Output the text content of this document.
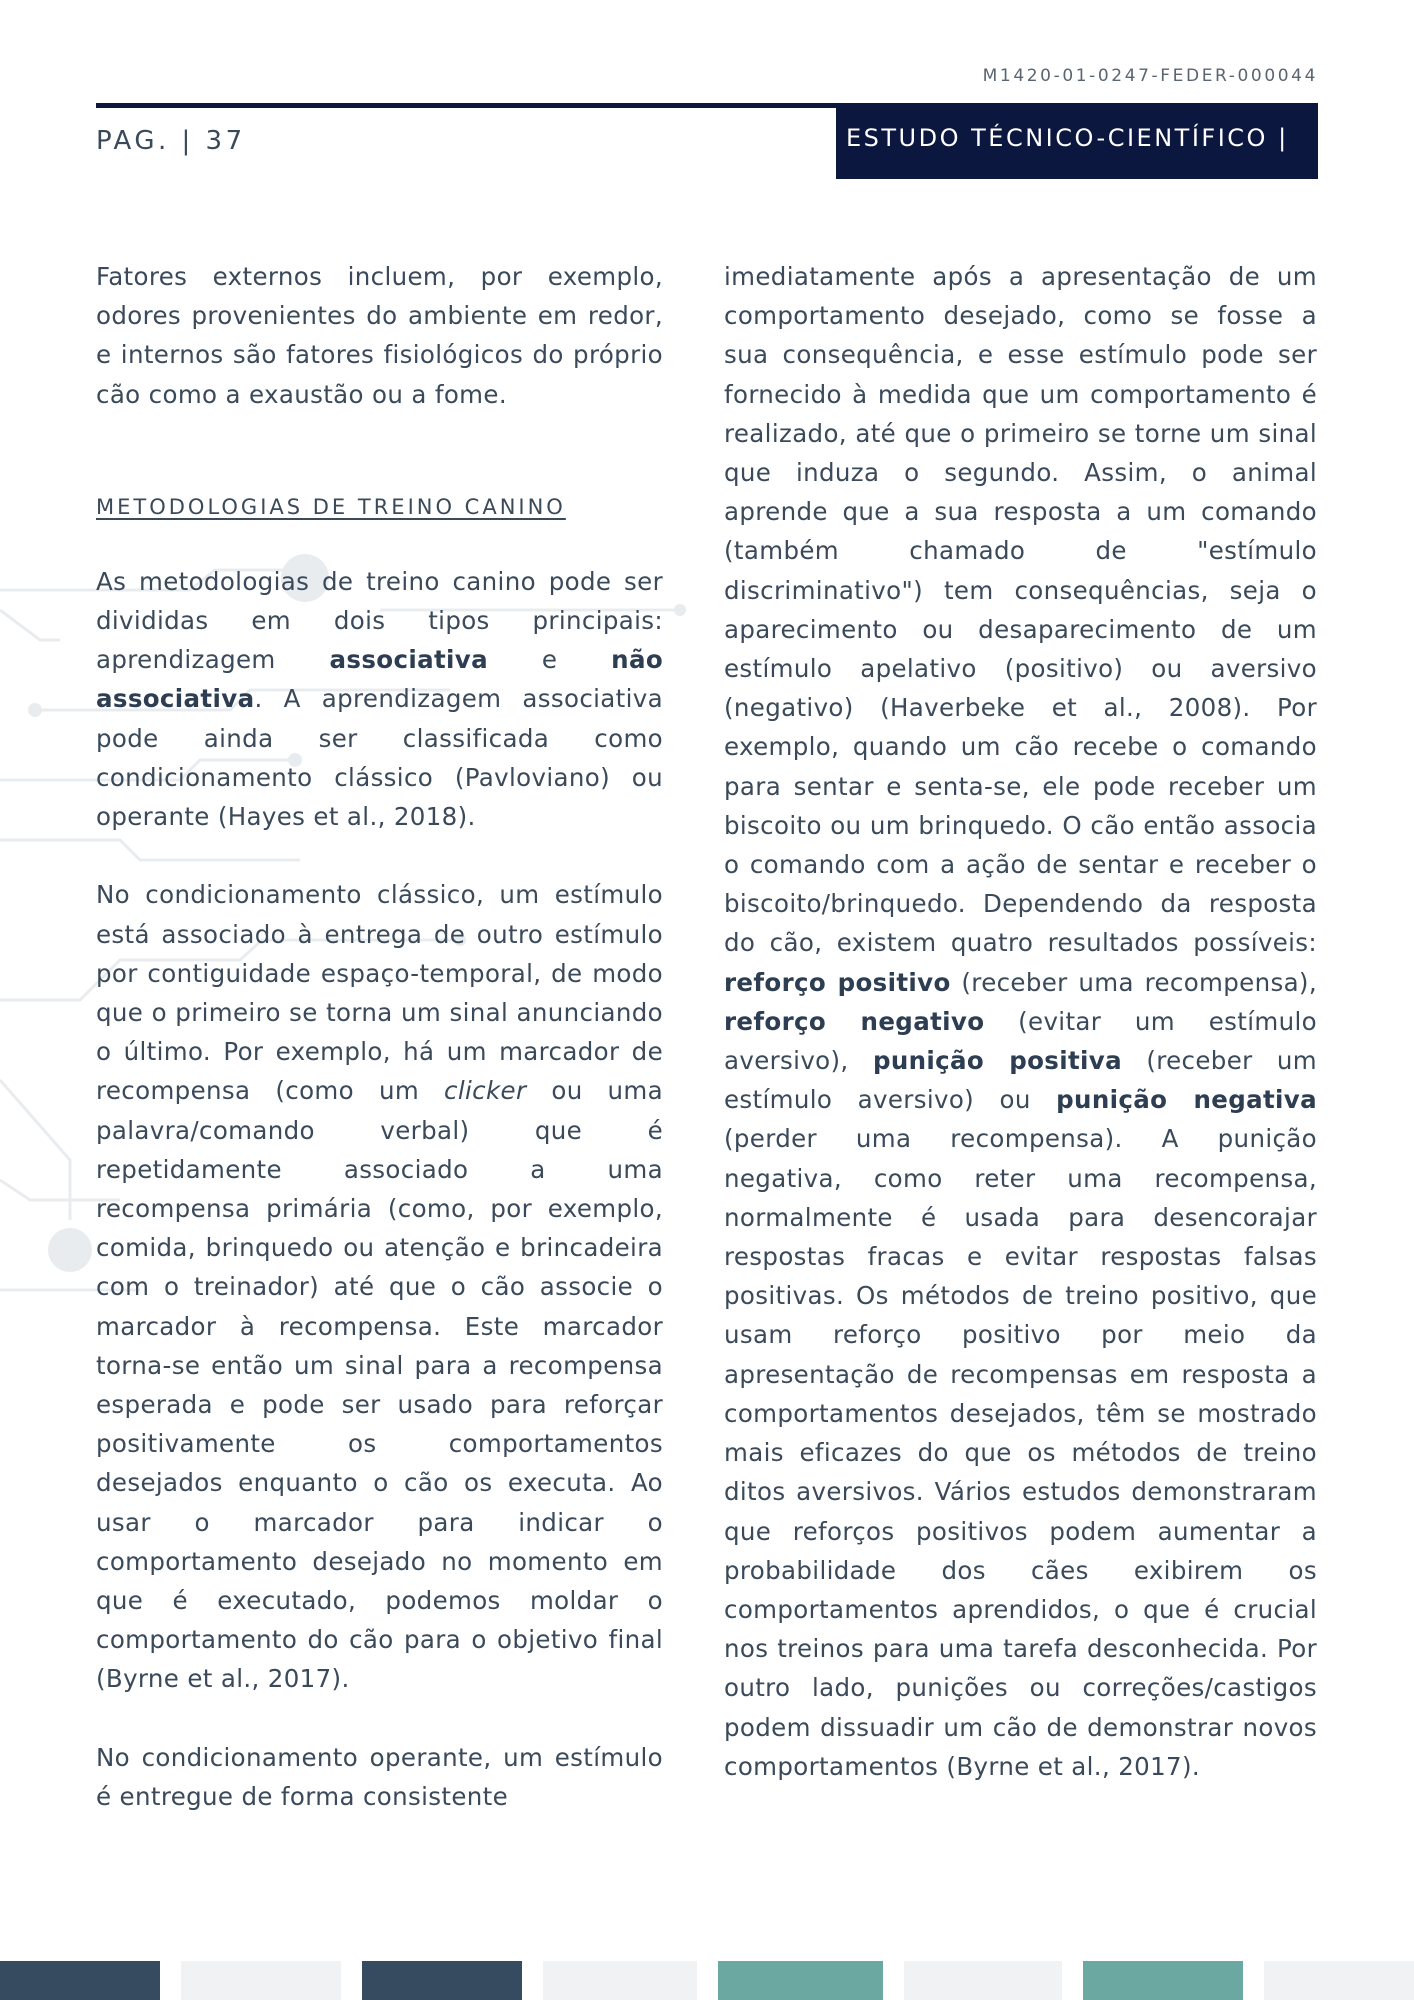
M1420-01-0247-FEDER-000044
PAG. | 37	ESTUDO TÉCNICO-CIENTÍFICO |

Fatores externos incluem, por exemplo, odores provenientes do ambiente em redor, e internos são fatores fisiológicos do próprio cão como a exaustão ou a fome.

METODOLOGIAS DE TREINO CANINO

As metodologias de treino canino pode ser divididas em dois tipos principais: aprendizagem associativa e não associativa. A aprendizagem associativa pode ainda ser classificada como condicionamento clássico (Pavloviano) ou operante (Hayes et al., 2018).

No condicionamento clássico, um estímulo está associado à entrega de outro estímulo por contiguidade espaço-temporal, de modo que o primeiro se torna um sinal anunciando o último. Por exemplo, há um marcador de recompensa (como um clicker ou uma palavra/comando verbal) que é repetidamente associado a uma recompensa primária (como, por exemplo, comida, brinquedo ou atenção e brincadeira com o treinador) até que o cão associe o marcador à recompensa. Este marcador torna-se então um sinal para a recompensa esperada e pode ser usado para reforçar positivamente os comportamentos desejados enquanto o cão os executa. Ao usar o marcador para indicar o comportamento desejado no momento em que é executado, podemos moldar o comportamento do cão para o objetivo final (Byrne et al., 2017).

No condicionamento operante, um estímulo é entregue de forma consistente

imediatamente após a apresentação de um comportamento desejado, como se fosse a sua consequência, e esse estímulo pode ser fornecido à medida que um comportamento é realizado, até que o primeiro se torne um sinal que induza o segundo. Assim, o animal aprende que a sua resposta a um comando (também chamado de "estímulo discriminativo") tem consequências, seja o aparecimento ou desaparecimento de um estímulo apelativo (positivo) ou aversivo (negativo) (Haverbeke et al., 2008). Por exemplo, quando um cão recebe o comando para sentar e senta-se, ele pode receber um biscoito ou um brinquedo. O cão então associa o comando com a ação de sentar e receber o biscoito/brinquedo. Dependendo da resposta do cão, existem quatro resultados possíveis: reforço positivo (receber uma recompensa), reforço negativo (evitar um estímulo aversivo), punição positiva (receber um estímulo aversivo) ou punição negativa (perder uma recompensa). A punição negativa, como reter uma recompensa, normalmente é usada para desencorajar respostas fracas e evitar respostas falsas positivas. Os métodos de treino positivo, que usam reforço positivo por meio da apresentação de recompensas em resposta a comportamentos desejados, têm se mostrado mais eficazes do que os métodos de treino ditos aversivos. Vários estudos demonstraram que reforços positivos podem aumentar a probabilidade dos cães exibirem os comportamentos aprendidos, o que é crucial nos treinos para uma tarefa desconhecida. Por outro lado, punições ou correções/castigos podem dissuadir um cão de demonstrar novos comportamentos (Byrne et al., 2017).
